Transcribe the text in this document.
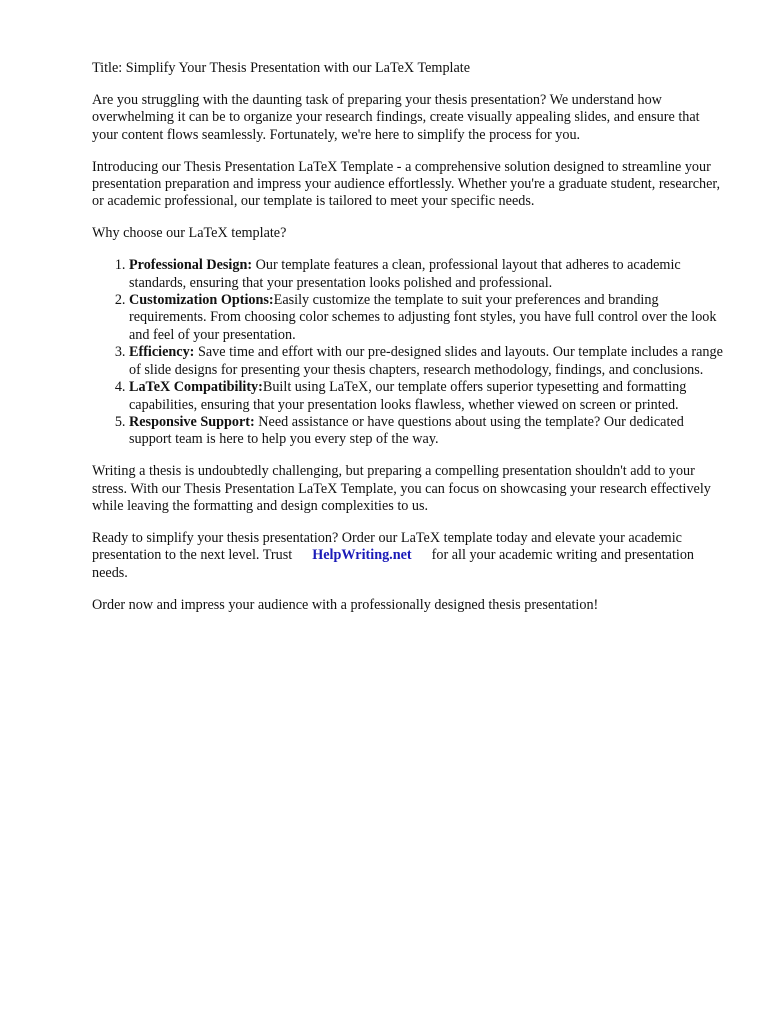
Title: Simplify Your Thesis Presentation with our LaTeX Template

Are you struggling with the daunting task of preparing your thesis presentation? We understand how overwhelming it can be to organize your research findings, create visually appealing slides, and ensure that your content flows seamlessly. Fortunately, we're here to simplify the process for you.

Introducing our Thesis Presentation LaTeX Template - a comprehensive solution designed to streamline your presentation preparation and impress your audience effortlessly. Whether you're a graduate student, researcher, or academic professional, our template is tailored to meet your specific needs.

Why choose our LaTeX template?

1. Professional Design: Our template features a clean, professional layout that adheres to academic standards, ensuring that your presentation looks polished and professional.
2. Customization Options:Easily customize the template to suit your preferences and branding requirements. From choosing color schemes to adjusting font styles, you have full control over the look and feel of your presentation.
3. Efficiency: Save time and effort with our pre-designed slides and layouts. Our template includes a range of slide designs for presenting your thesis chapters, research methodology, findings, and conclusions.
4. LaTeX Compatibility:Built using LaTeX, our template offers superior typesetting and formatting capabilities, ensuring that your presentation looks flawless, whether viewed on screen or printed.
5. Responsive Support: Need assistance or have questions about using the template? Our dedicated support team is here to help you every step of the way.

Writing a thesis is undoubtedly challenging, but preparing a compelling presentation shouldn't add to your stress. With our Thesis Presentation LaTeX Template, you can focus on showcasing your research effectively while leaving the formatting and design complexities to us.

Ready to simplify your thesis presentation? Order our LaTeX template today and elevate your academic presentation to the next level. Trust HelpWriting.net for all your academic writing and presentation needs.

Order now and impress your audience with a professionally designed thesis presentation!
